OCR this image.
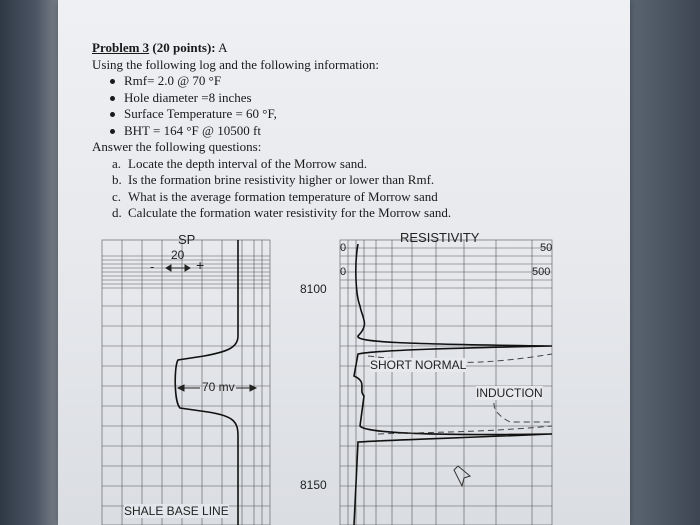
Problem 3 (20 points): A
Using the following log and the following information:
Rmf= 2.0 @ 70 °F
Hole diameter =8 inches
Surface Temperature = 60 °F,
BHT = 164 °F @ 10500 ft
Answer the following questions:
a. Locate the depth interval of the Morrow sand.
b. Is the formation brine resistivity higher or lower than Rmf.
c. What is the average formation temperature of Morrow sand
d. Calculate the formation water resistivity for the Morrow sand.
SP
20
-	+
70 mv
SHALE BASE LINE
RESISTIVITY
0
0
50
500
8100
8150
SHORT NORMAL
INDUCTION
